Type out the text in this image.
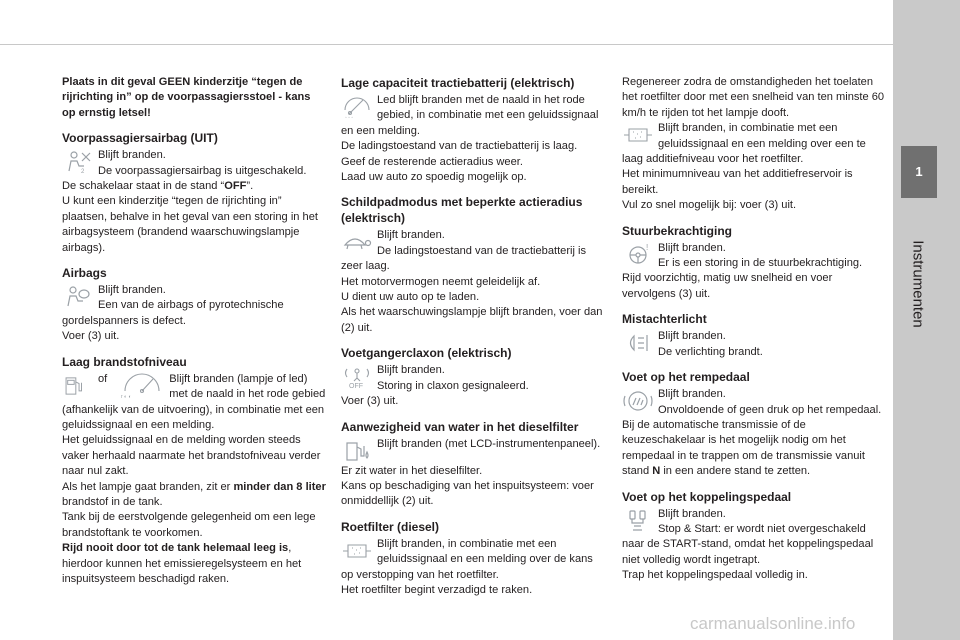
1
Instrumenten
Plaats in dit geval GEEN kinderzitje “tegen de rijrichting in” op de voorpassagiersstoel - kans op ernstig letsel!
Voorpassagiersairbag (UIT)
2
Blijft branden.
De voorpassagiersairbag is uitgeschakeld.

De schakelaar staat in de stand “OFF”.

U kunt een kinderzitje “tegen de rijrichting in” plaatsen, behalve in het geval van een storing in het airbagsysteem (brandend waarschuwingslampje airbags).

Airbags
Blijft branden.

Een van de airbags of pyrotechnische gordelspanners is defect.

Voer (3) uit.

Laag brandstofniveau
of
r ◐ ◐

Blijft branden (lampje of led) met de naald in het rode gebied (afhankelijk van de uitvoering), in combinatie met een geluidssignaal en een melding.

Het geluidssignaal en de melding worden steeds vaker herhaald naarmate het brandstofniveau verder naar nul zakt.

Als het lampje gaat branden, zit er minder dan 8 liter brandstof in de tank.

Tank bij de eerstvolgende gelegenheid om een lege brandstoftank te voorkomen.

Rijd nooit door tot de tank helemaal leeg is, hierdoor kunnen het emissieregelsysteem en het inspuitsysteem beschadigd raken.

Lage capaciteit tractiebatterij (elektrisch)
◦ ◦ ◦
Led blijft branden met de naald in het rode gebied, in combinatie met een geluidssignaal en een melding.

De ladingstoestand van de tractiebatterij is laag.

Geef de resterende actieradius weer.

Laad uw auto zo spoedig mogelijk op.

Schildpadmodus met beperkte actieradius (elektrisch)
Blijft branden.

De ladingstoestand van de tractiebatterij is zeer laag.

Het motorvermogen neemt geleidelijk af.

U dient uw auto op te laden.

Als het waarschuwingslampje blijft branden, voer dan (2) uit.

Voetgangerclaxon (elektrisch)
OFF
Blijft branden.
Storing in claxon gesignaleerd.

Voer (3) uit.

Aanwezigheid van water in het dieselfilter
Blijft branden (met LCD-instrumentenpaneel).

Er zit water in het dieselfilter.

Kans op beschadiging van het inspuitsysteem: voer onmiddellijk (2) uit.

Roetfilter (diesel)
Blijft branden, in combinatie met een geluidssignaal en een melding over de kans op verstopping van het roetfilter.

Het roetfilter begint verzadigd te raken.

Regenereer zodra de omstandigheden het toelaten het roetfilter door met een snelheid van ten minste 60 km/h te rijden tot het lampje dooft.

Blijft branden, in combinatie met een geluidssignaal en een melding over een te laag additiefniveau voor het roetfilter.

Het minimumniveau van het additiefreservoir is bereikt.

Vul zo snel mogelijk bij: voer (3) uit.

Stuurbekrachtiging
! Blijft branden.
Er is een storing in de stuurbekrachtiging.

Rijd voorzichtig, matig uw snelheid en voer vervolgens (3) uit.

Mistachterlicht
Blijft branden.
De verlichting brandt.
Voet op het rempedaal
Blijft branden.

Onvoldoende of geen druk op het rempedaal.

Bij de automatische transmissie of de keuzeschakelaar is het mogelijk nodig om het rempedaal in te trappen om de transmissie vanuit stand N in een andere stand te zetten.

Voet op het koppelingspedaal
Blijft branden.

Stop & Start: er wordt niet overgeschakeld naar de START-stand, omdat het koppelingspedaal niet volledig wordt ingetrapt.

Trap het koppelingspedaal volledig in.

carmanualsonline.info
